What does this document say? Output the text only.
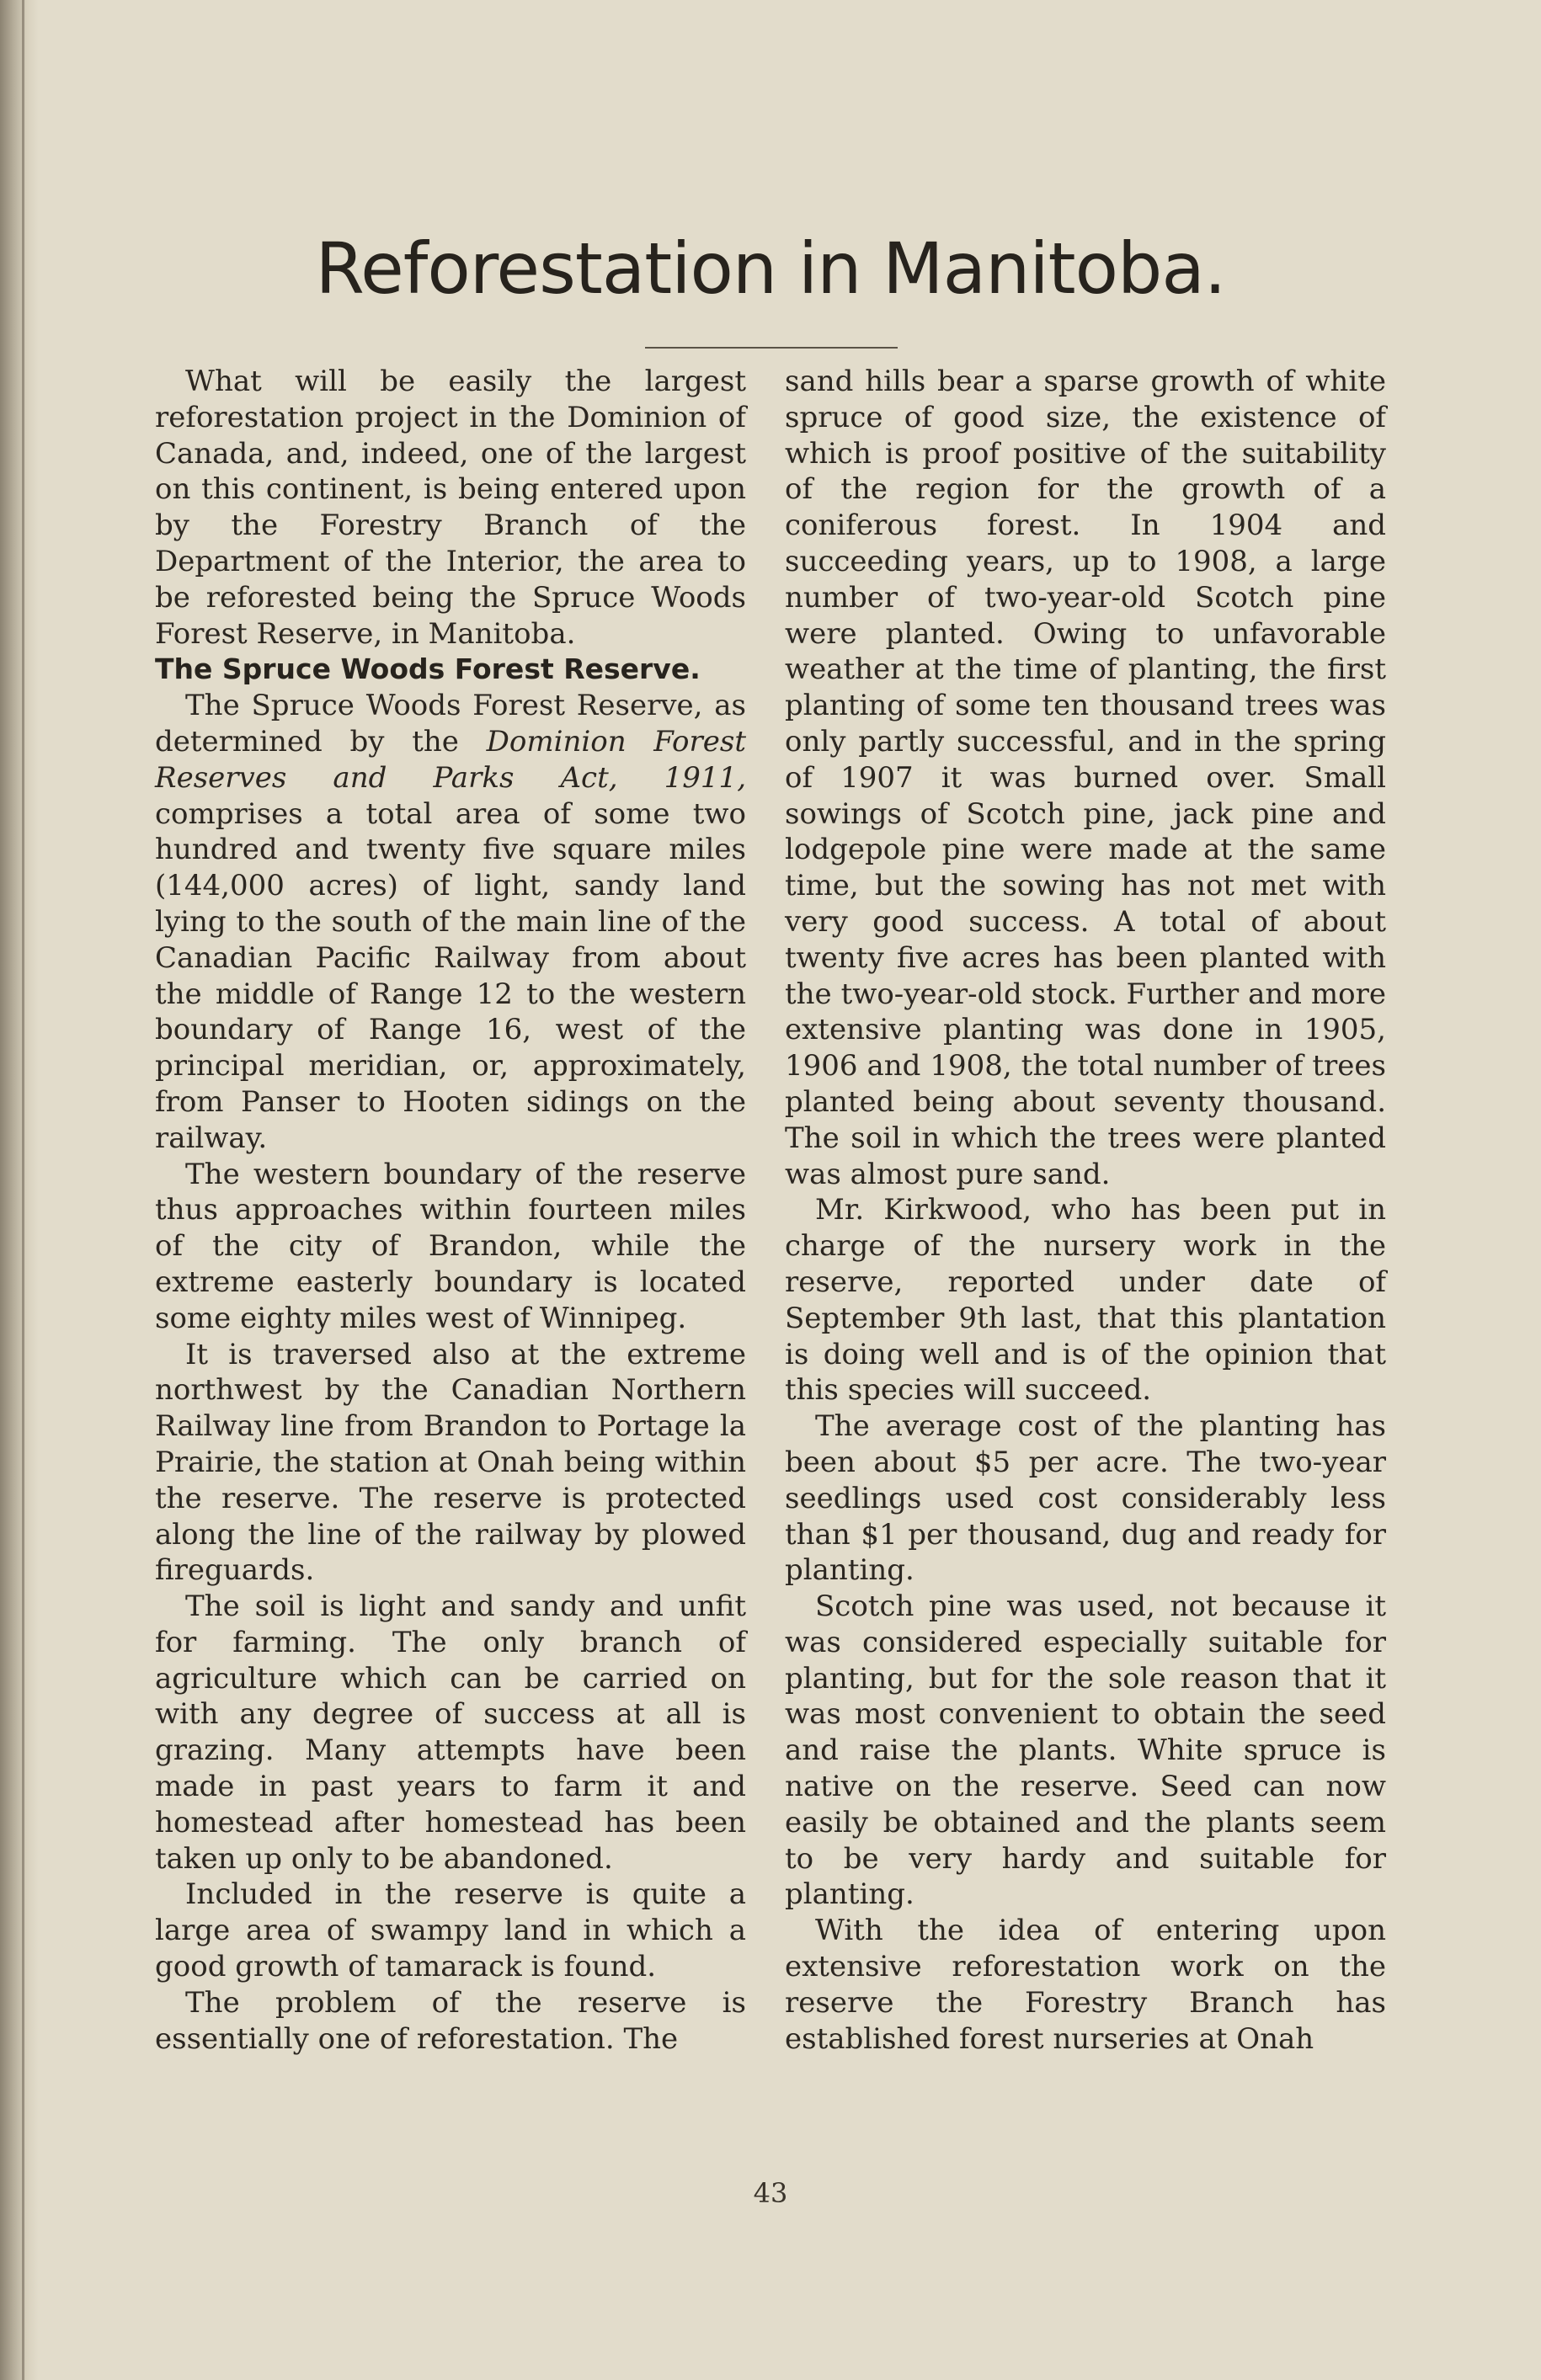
Reforestation in Manitoba.

What will be easily the largest reforestation project in the Dominion of Canada, and, indeed, one of the largest on this continent, is being entered upon by the Forestry Branch of the Department of the Interior, the area to be reforested being the Spruce Woods Forest Reserve, in Manitoba.

The Spruce Woods Forest Reserve.

The Spruce Woods Forest Reserve, as determined by the Dominion Forest Reserves and Parks Act, 1911, comprises a total area of some two hundred and twenty five square miles (144,000 acres) of light, sandy land lying to the south of the main line of the Canadian Pacific Railway from about the middle of Range 12 to the western boundary of Range 16, west of the principal meridian, or, approximately, from Panser to Hooten sidings on the railway.

The western boundary of the reserve thus approaches within fourteen miles of the city of Brandon, while the extreme easterly boundary is located some eighty miles west of Winnipeg.

It is traversed also at the extreme northwest by the Canadian Northern Railway line from Brandon to Portage la Prairie, the station at Onah being within the reserve. The reserve is protected along the line of the railway by plowed fireguards.

The soil is light and sandy and unfit for farming. The only branch of agriculture which can be carried on with any degree of success at all is grazing. Many attempts have been made in past years to farm it and homestead after homestead has been taken up only to be abandoned.

Included in the reserve is quite a large area of swampy land in which a good growth of tamarack is found.

The problem of the reserve is essentially one of reforestation. The

sand hills bear a sparse growth of white spruce of good size, the existence of which is proof positive of the suitability of the region for the growth of a coniferous forest. In 1904 and succeeding years, up to 1908, a large number of two-year-old Scotch pine were planted. Owing to unfavorable weather at the time of planting, the first planting of some ten thousand trees was only partly successful, and in the spring of 1907 it was burned over. Small sowings of Scotch pine, jack pine and lodgepole pine were made at the same time, but the sowing has not met with very good success. A total of about twenty five acres has been planted with the two-year-old stock. Further and more extensive planting was done in 1905, 1906 and 1908, the total number of trees planted being about seventy thousand. The soil in which the trees were planted was almost pure sand.

Mr. Kirkwood, who has been put in charge of the nursery work in the reserve, reported under date of September 9th last, that this plantation is doing well and is of the opinion that this species will succeed.

The average cost of the planting has been about $5 per acre. The two-year seedlings used cost considerably less than $1 per thousand, dug and ready for planting.

Scotch pine was used, not because it was considered especially suitable for planting, but for the sole reason that it was most convenient to obtain the seed and raise the plants. White spruce is native on the reserve. Seed can now easily be obtained and the plants seem to be very hardy and suitable for planting.

With the idea of entering upon extensive reforestation work on the reserve the Forestry Branch has established forest nurseries at Onah

43
